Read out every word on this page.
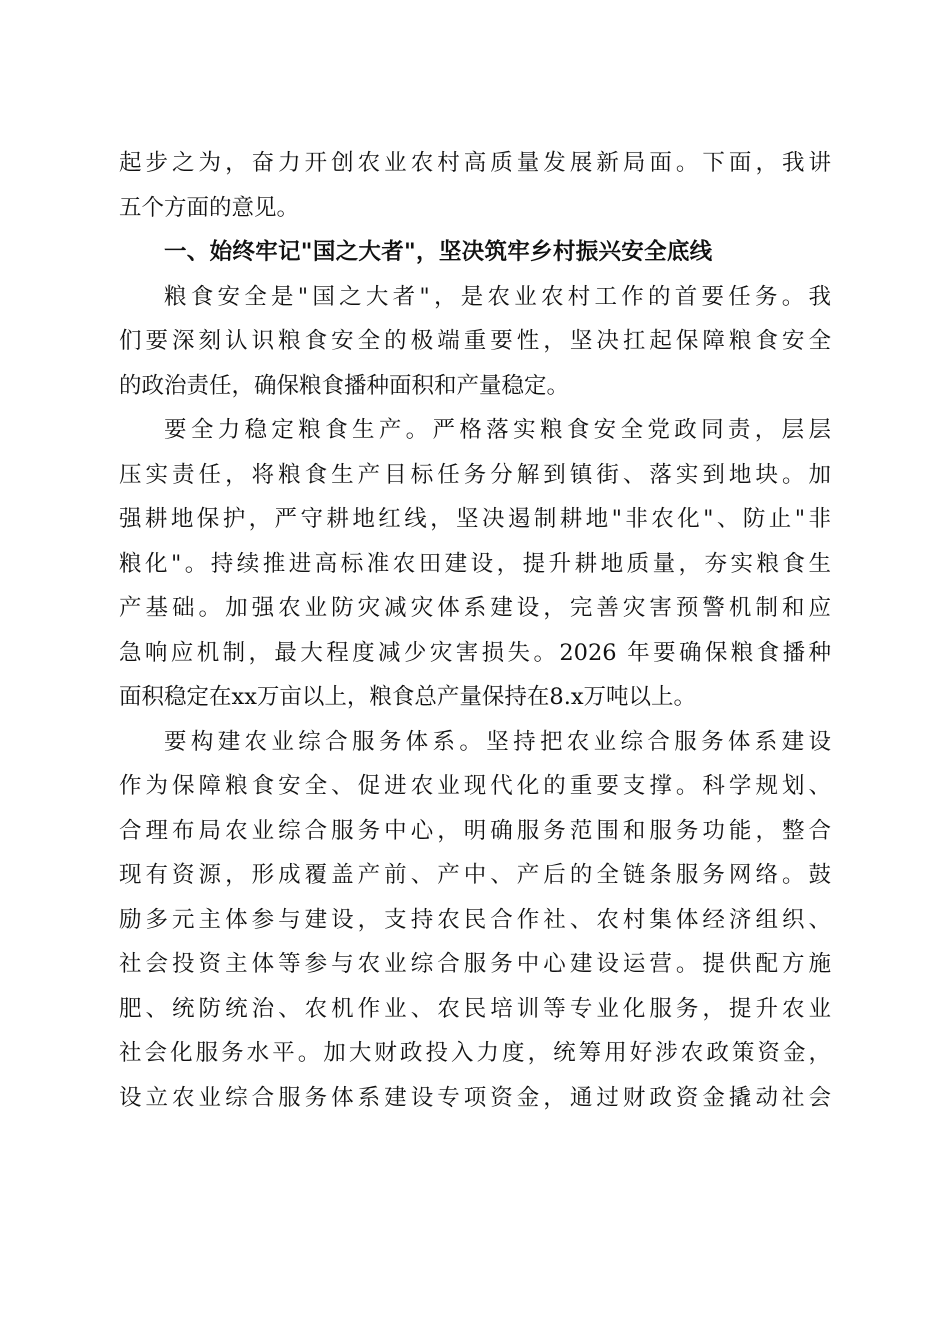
起步之为，奋力开创农业农村高质量发展新局面。下面，我讲
五个方面的意见。

一、始终牢记"国之大者"，坚决筑牢乡村振兴安全底线

粮食安全是"国之大者"，是农业农村工作的首要任务。我
们要深刻认识粮食安全的极端重要性，坚决扛起保障粮食安全
的政治责任，确保粮食播种面积和产量稳定。

要全力稳定粮食生产。严格落实粮食安全党政同责，层层
压实责任，将粮食生产目标任务分解到镇街、落实到地块。加
强耕地保护，严守耕地红线，坚决遏制耕地"非农化"、防止"非
粮化"。持续推进高标准农田建设，提升耕地质量，夯实粮食生
产基础。加强农业防灾减灾体系建设，完善灾害预警机制和应
急响应机制，最大程度减少灾害损失。2026 年要确保粮食播种
面积稳定在xx万亩以上，粮食总产量保持在8.x万吨以上。

要构建农业综合服务体系。坚持把农业综合服务体系建设
作为保障粮食安全、促进农业现代化的重要支撑。科学规划、
合理布局农业综合服务中心，明确服务范围和服务功能，整合
现有资源，形成覆盖产前、产中、产后的全链条服务网络。鼓
励多元主体参与建设，支持农民合作社、农村集体经济组织、
社会投资主体等参与农业综合服务中心建设运营。提供配方施
肥、统防统治、农机作业、农民培训等专业化服务，提升农业
社会化服务水平。加大财政投入力度，统筹用好涉农政策资金，
设立农业综合服务体系建设专项资金，通过财政资金撬动社会
